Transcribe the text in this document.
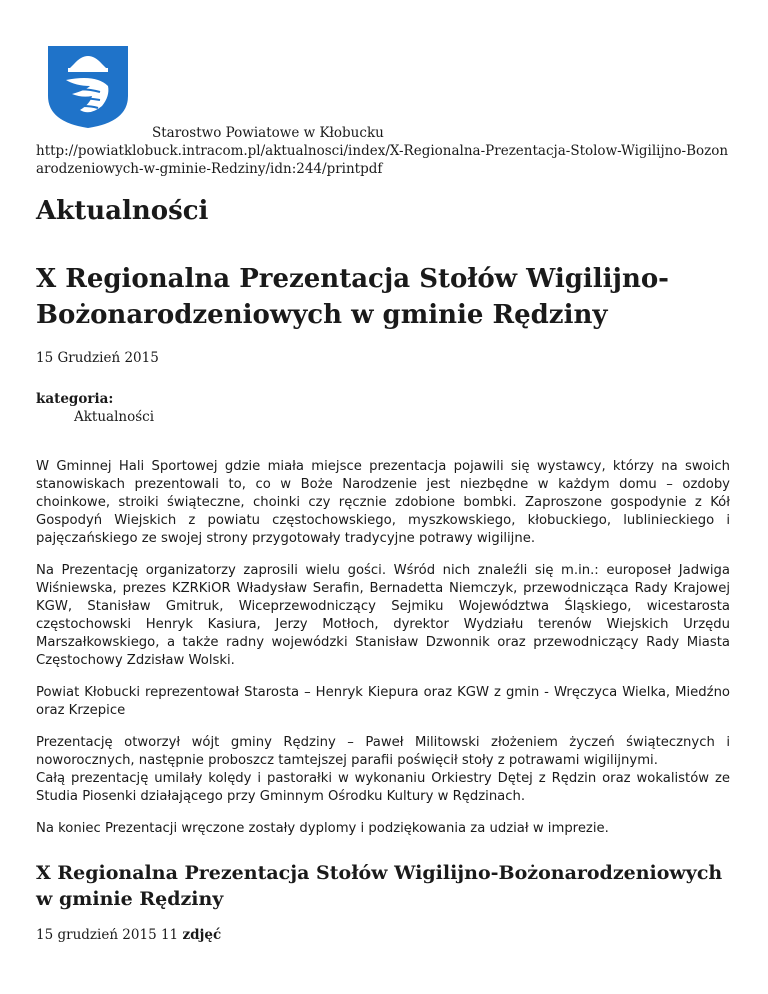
Starostwo Powiatowe w Kłobucku
http://powiatklobuck.intracom.pl/aktualnosci/index/X-Regionalna-Prezentacja-Stolow-Wigilijno-Bozonarodzeniowych-w-gminie-Redziny/idn:244/printpdf
Aktualności
X Regionalna Prezentacja Stołów Wigilijno-Bożonarodzeniowych w gminie Rędziny
15 Grudzień 2015
kategoria:
Aktualności

W Gminnej Hali Sportowej gdzie miała miejsce prezentacja pojawili się wystawcy, którzy na swoich stanowiskach prezentowali to, co w Boże Narodzenie jest niezbędne w każdym domu – ozdoby choinkowe, stroiki świąteczne, choinki czy ręcznie zdobione bombki. Zaproszone gospodynie z Kół Gospodyń Wiejskich z powiatu częstochowskiego, myszkowskiego, kłobuckiego, lublinieckiego i pajęczańskiego ze swojej strony przygotowały tradycyjne potrawy wigilijne.

Na Prezentację organizatorzy zaprosili wielu gości. Wśród nich znaleźli się m.in.: europoseł Jadwiga Wiśniewska, prezes KZRKiOR Władysław Serafin, Bernadetta Niemczyk, przewodnicząca Rady Krajowej KGW, Stanisław Gmitruk, Wiceprzewodniczący Sejmiku Województwa Śląskiego, wicestarosta częstochowski Henryk Kasiura, Jerzy Motłoch, dyrektor Wydziału terenów Wiejskich Urzędu Marszałkowskiego, a także radny wojewódzki Stanisław Dzwonnik oraz przewodniczący Rady Miasta Częstochowy Zdzisław Wolski.

Powiat Kłobucki reprezentował Starosta – Henryk Kiepura oraz KGW z gmin - Wręczyca Wielka, Miedźno oraz Krzepice

Prezentację otworzył wójt gminy Rędziny – Paweł Militowski złożeniem życzeń świątecznych i noworocznych, następnie proboszcz tamtejszej parafii poświęcił stoły z potrawami wigilijnymi.
Całą prezentację umilały kolędy i pastorałki w wykonaniu Orkiestry Dętej z Rędzin oraz wokalistów ze Studia Piosenki działającego przy Gminnym Ośrodku Kultury w Rędzinach.

Na koniec Prezentacji wręczone zostały dyplomy i podziękowania za udział w imprezie.

X Regionalna Prezentacja Stołów Wigilijno-Bożonarodzeniowych w gminie Rędziny
15 grudzień 2015 11 zdjęć
